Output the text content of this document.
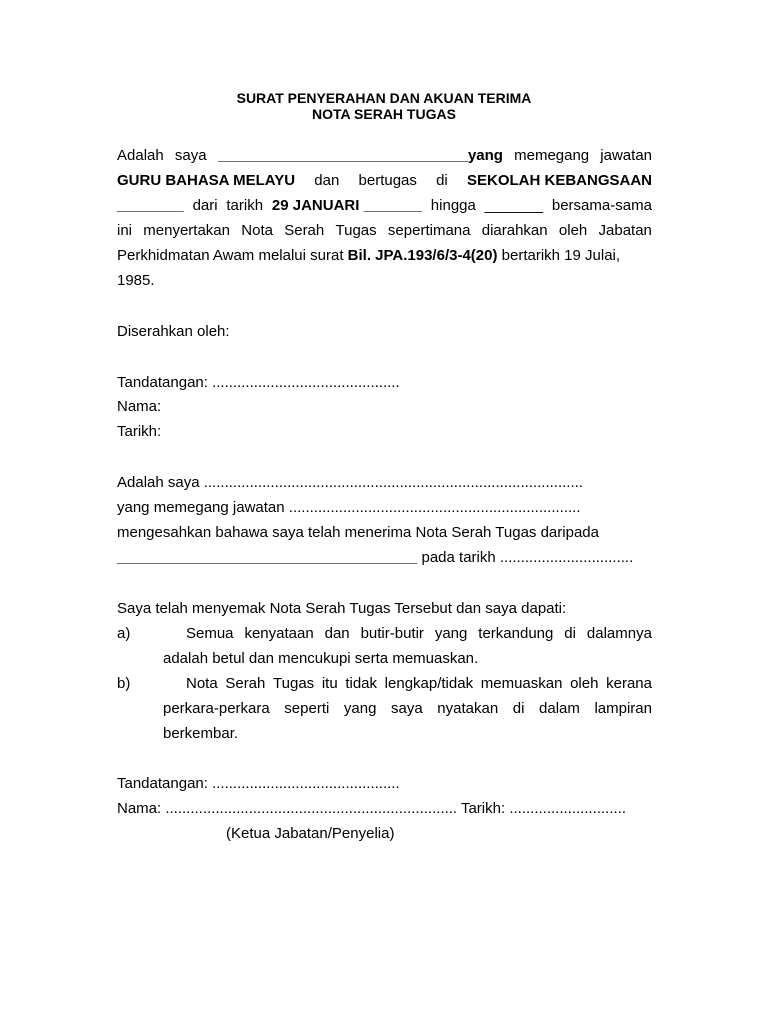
SURAT PENYERAHAN DAN AKUAN TERIMA
NOTA SERAH TUGAS
Adalah saya ______________________________yang memegang jawatan
GURU BAHASA MELAYU dan bertugas di SEKOLAH KEBANGSAAN
________ dari tarikh 29 JANUARI _______ hingga _______ bersama-sama
ini menyertakan Nota Serah Tugas sepertimana diarahkan oleh Jabatan
Perkhidmatan Awam melalui surat Bil. JPA.193/6/3-4(20) bertarikh 19 Julai,
1985.
Diserahkan oleh:
Tandatangan: .............................................
Nama:
Tarikh:
Adalah saya ...........................................................................................
yang memegang jawatan ......................................................................
mengesahkan bahawa saya telah menerima Nota Serah Tugas daripada
____________________________________ pada tarikh ................................
Saya telah menyemak Nota Serah Tugas Tersebut dan saya dapati:
a)	Semua kenyataan dan butir-butir yang terkandung di dalamnya
adalah betul dan mencukupi serta memuaskan.
b)	Nota Serah Tugas itu tidak lengkap/tidak memuaskan oleh kerana
perkara-perkara seperti yang saya nyatakan di dalam lampiran
berkembar.
Tandatangan: .............................................
Nama: ...................................................................... Tarikh: ............................
(Ketua Jabatan/Penyelia)
